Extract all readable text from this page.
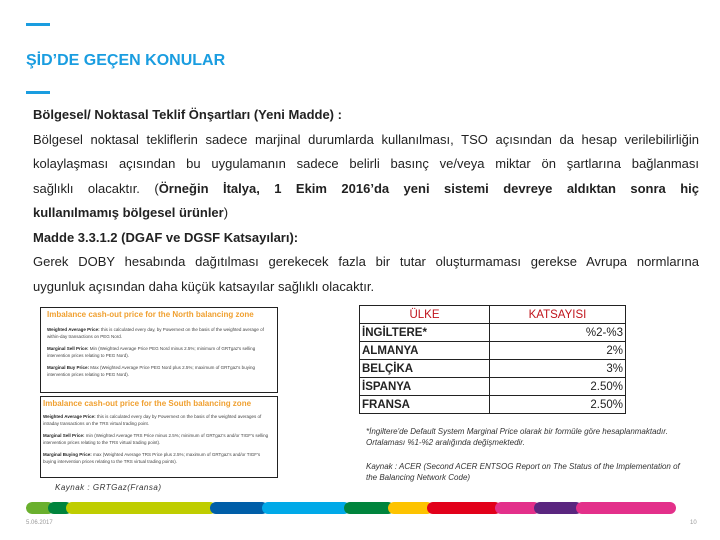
ŞİD’DE GEÇEN KONULAR
Bölgesel/ Noktasal Teklif Önşartları (Yeni Madde) :
Bölgesel noktasal tekliflerin sadece marjinal durumlarda kullanılması, TSO açısından da hesap verilebilirliğin
kolaylaşması açısından bu uygulamanın sadece belirli basınç ve/veya miktar ön şartlarına bağlanması
sağlıklı olacaktır. (Örneğin İtalya, 1 Ekim 2016’da yeni sistemi devreye aldıktan sonra hiç
kullanılmamış bölgesel ürünler)
Madde 3.3.1.2 (DGAF ve DGSF Katsayıları):
Gerek DOBY hesabında dağıtılması gerekecek fazla bir tutar oluşturmaması gerekse Avrupa normlarına
uygunluk açısından daha küçük katsayılar sağlıklı olacaktır.
Imbalance cash-out price for the North balancing zone

Weighted Average Price: this is calculated every day, by Powernext on the basis of the weighted average of within-day transactions on PEG Nord.

Marginal Sell Price: Min (Weighted Average Price PEG Nord minus 2.5%; minimum of GRTgaz's selling intervention prices relating to PEG Nord).

Marginal Buy Price: Max (Weighted Average Price PEG Nord plus 2.5%; maximum of GRTgaz's buying intervention prices relating to PEG Nord).

Imbalance cash-out price for the South balancing zone

Weighted Average Price: this is calculated every day by Powernext on the basis of the weighted averages of intraday transactions on the TRS virtual trading point.

Marginal Sell Price: min (Weighted Average TRS Price minus 2.5%; minimum of GRTgaz's and/or TIGF's selling intervention prices relating to the TRS virtual trading point).

Marginal Buying Price: max (Weighted Average TRS Price plus 2.5%; maximum of GRTgaz's and/or TIGF's buying intervention prices relating to the TRS virtual trading points).

Kaynak : GRTGaz(Fransa)
ÜLKE	KATSAYISI
İNGİLTERE*	%2-%3
ALMANYA	2%
BELÇİKA	3%
İSPANYA	2.50%
FRANSA	2.50%
*İngiltere'de Default System Marginal Price olarak bir formüle göre hesaplanmaktadır. Ortalaması %1-%2 aralığında değişmektedir.
Kaynak : ACER (Second ACER ENTSOG Report on The Status of the Implementation of the Balancing Network Code)
5.06.2017	10
